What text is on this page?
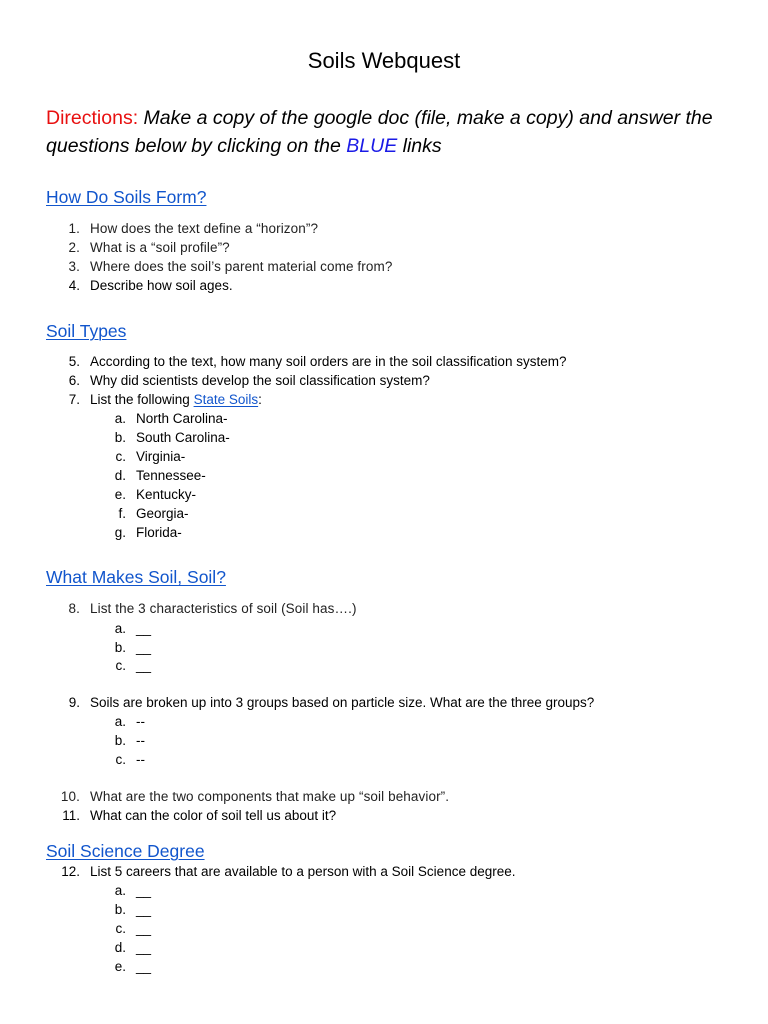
Soils Webquest
Directions: Make a copy of the google doc (file, make a copy) and answer the questions below by clicking on the BLUE links
How Do Soils Form?
1. How does the text define a “horizon”?
2. What is a “soil profile”?
3. Where does the soil’s parent material come from?
4. Describe how soil ages.
Soil Types
5. According to the text, how many soil orders are in the soil classification system?
6. Why did scientists develop the soil classification system?
7. List the following State Soils:
a. North Carolina-
b. South Carolina-
c. Virginia-
d. Tennessee-
e. Kentucky-
f. Georgia-
g. Florida-
What Makes Soil, Soil?
8. List the 3 characteristics of soil (Soil has….)
a. __
b. __
c. __
9. Soils are broken up into 3 groups based on particle size. What are the three groups?
a. --
b. --
c. --
10. What are the two components that make up “soil behavior”.
11. What can the color of soil tell us about it?
Soil Science Degree
12. List 5 careers that are available to a person with a Soil Science degree.
a. __
b. __
c. __
d. __
e. __
